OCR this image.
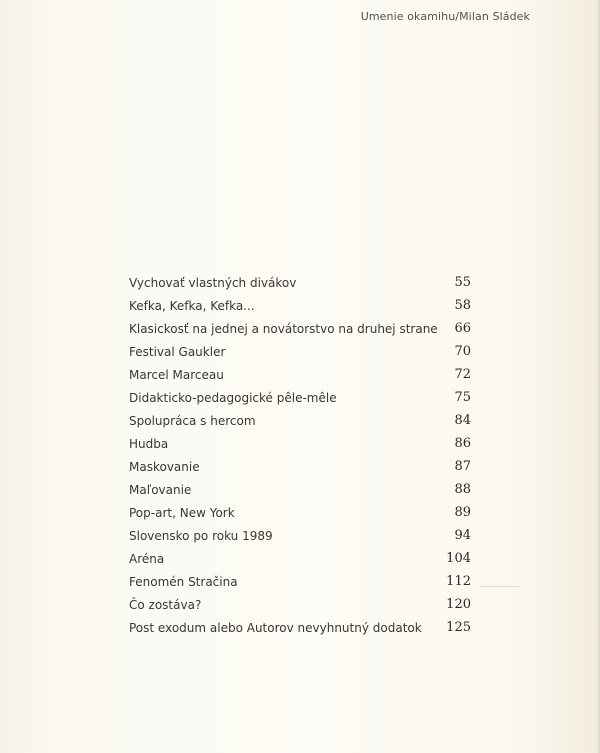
Umenie okamihu/Milan Sládek
Vychovať vlastných divákov	55
Kefka, Kefka, Kefka...	58
Klasickosť na jednej a novátorstvo na druhej strane	66
Festival Gaukler	70
Marcel Marceau	72
Didakticko-pedagogické pêle-mêle	75
Spolupráca s hercom	84
Hudba	86
Maskovanie	87
Maľovanie	88
Pop-art, New York	89
Slovensko po roku 1989	94
Aréna	104
Fenomén Stračina	112
Čo zostáva?	120
Post exodum alebo Autorov nevyhnutný dodatok	125
